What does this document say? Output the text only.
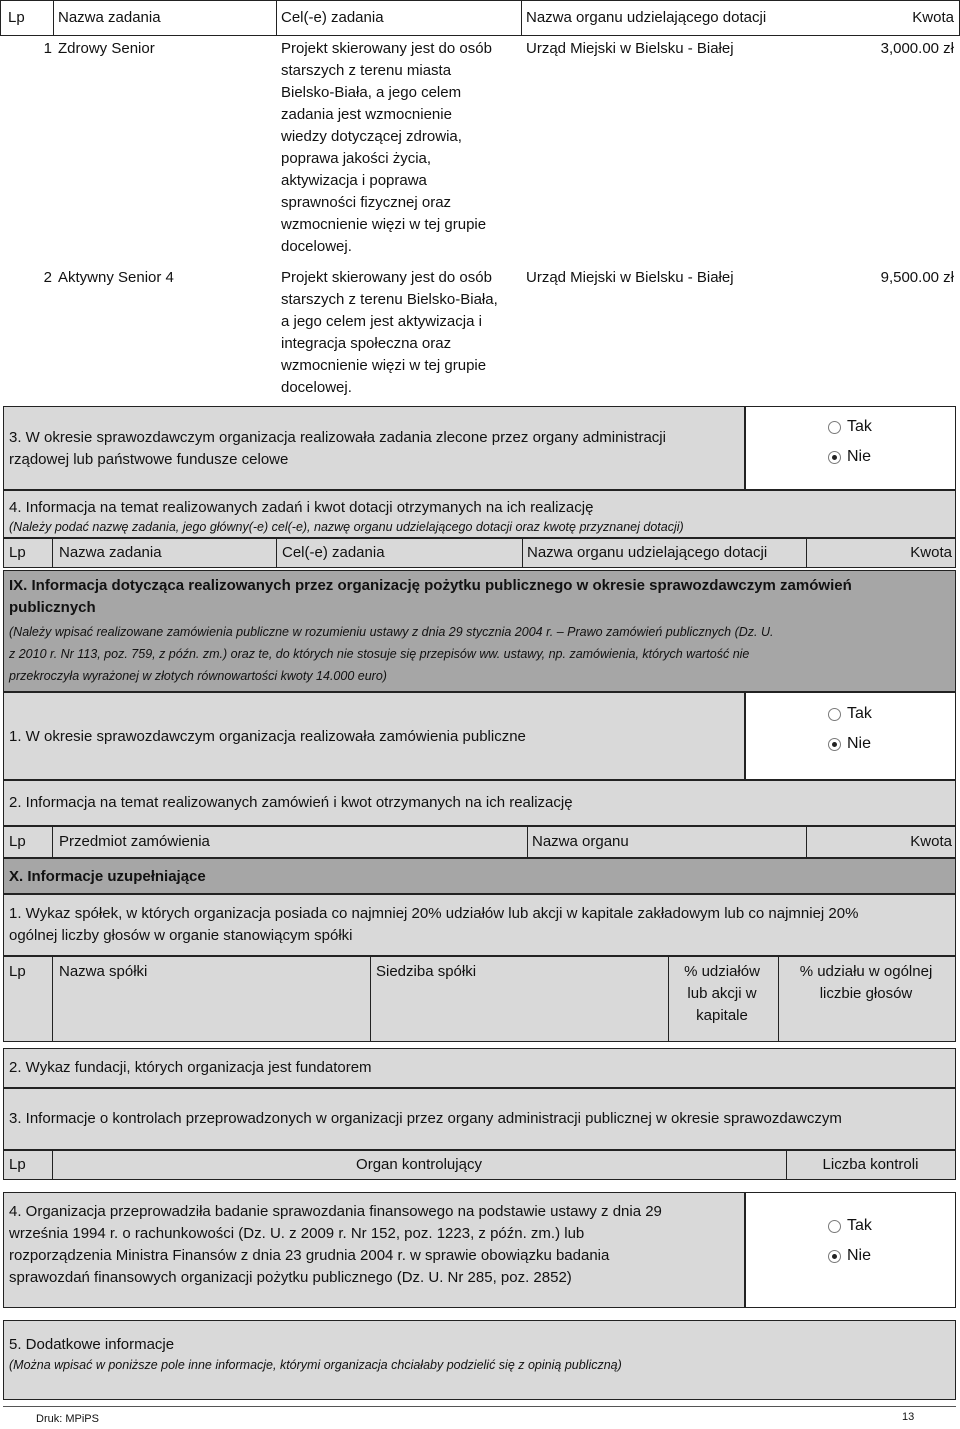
Lp Nazwa zadania	Cel(-e) zadania	Nazwa organu udzielającego dotacji	Kwota
1 Zdrowy Senior	Projekt skierowany jest do osób
starszych z terenu miasta
Bielsko-Biała, a jego celem
zadania jest wzmocnienie
wiedzy dotyczącej zdrowia,
poprawa jakości życia,
aktywizacja i poprawa
sprawności fizycznej oraz
wzmocnienie więzi w tej grupie
docelowej.
Urząd Miejski w Bielsku - Białej	3,000.00 zł
2 Aktywny Senior 4	Projekt skierowany jest do osób
starszych z terenu Bielsko-Biała,
a jego celem jest aktywizacja i
integracja społeczna oraz
wzmocnienie więzi w tej grupie
docelowej.
Urząd Miejski w Bielsku - Białej	9,500.00 zł
3. W okresie sprawozdawczym organizacja realizowała zadania zlecone przez organy administracji
rządowej lub państwowe fundusze celowe
Tak
Nie
4. Informacja na temat realizowanych zadań i kwot dotacji otrzymanych na ich realizację
(Należy podać nazwę zadania, jego główny(-e) cel(-e), nazwę organu udzielającego dotacji oraz kwotę przyznanej dotacji)
Lp Nazwa zadania	Cel(-e) zadania	Nazwa organu udzielającego dotacji	Kwota
IX. Informacja dotycząca realizowanych przez organizację pożytku publicznego w okresie sprawozdawczym zamówień
publicznych
(Należy wpisać realizowane zamówienia publiczne w rozumieniu ustawy z dnia 29 stycznia 2004 r. – Prawo zamówień publicznych (Dz. U.
z 2010 r. Nr 113, poz. 759, z późn. zm.) oraz te, do których nie stosuje się przepisów ww. ustawy, np. zamówienia, których wartość nie
przekroczyła wyrażonej w złotych równowartości kwoty 14.000 euro)
1. W okresie sprawozdawczym organizacja realizowała zamówienia publiczne
Tak
Nie
2. Informacja na temat realizowanych zamówień i kwot otrzymanych na ich realizację
Lp Przedmiot zamówienia	Nazwa organu	Kwota
X. Informacje uzupełniające
1. Wykaz spółek, w których organizacja posiada co najmniej 20% udziałów lub akcji w kapitale zakładowym lub co najmniej 20%
ogólnej liczby głosów w organie stanowiącym spółki
Lp Nazwa spółki	Siedziba spółki	% udziałów
lub akcji w
kapitale
% udziału w ogólnej
liczbie głosów
2. Wykaz fundacji, których organizacja jest fundatorem
3. Informacje o kontrolach przeprowadzonych w organizacji przez organy administracji publicznej w okresie sprawozdawczym
Lp	Organ kontrolujący	Liczba kontroli
4. Organizacja przeprowadziła badanie sprawozdania finansowego na podstawie ustawy z dnia 29
września 1994 r. o rachunkowości (Dz. U. z 2009 r. Nr 152, poz. 1223, z późn. zm.) lub
rozporządzenia Ministra Finansów z dnia 23 grudnia 2004 r. w sprawie obowiązku badania
sprawozdań finansowych organizacji pożytku publicznego (Dz. U. Nr 285, poz. 2852)
Tak
Nie
5. Dodatkowe informacje
(Można wpisać w poniższe pole inne informacje, którymi organizacja chciałaby podzielić się z opinią publiczną)
Druk: MPiPS	13
